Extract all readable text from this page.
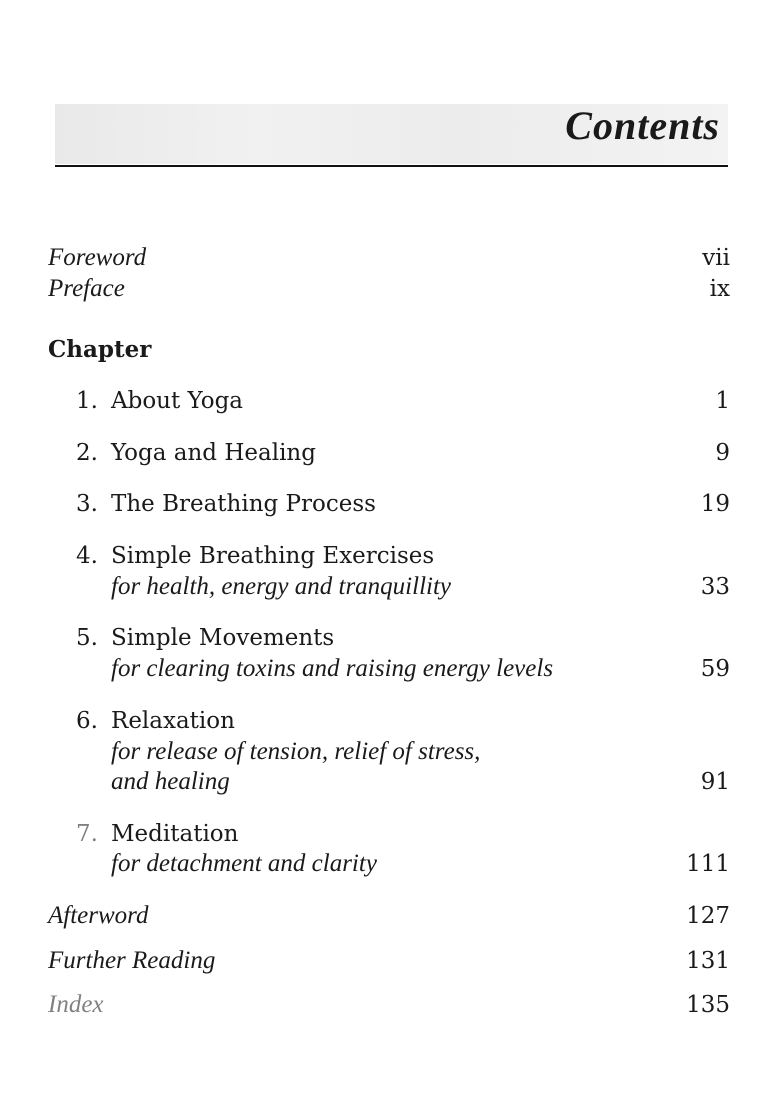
Contents
Foreword	vii
Preface	ix
Chapter
1. About Yoga	1
2. Yoga and Healing	9
3. The Breathing Process	19
4. Simple Breathing Exercises
for health, energy and tranquillity	33
5. Simple Movements
for clearing toxins and raising energy levels	59
6. Relaxation
for release of tension, relief of stress,
and healing	91
7. Meditation
for detachment and clarity	111
Afterword	127
Further Reading	131
Index	135
